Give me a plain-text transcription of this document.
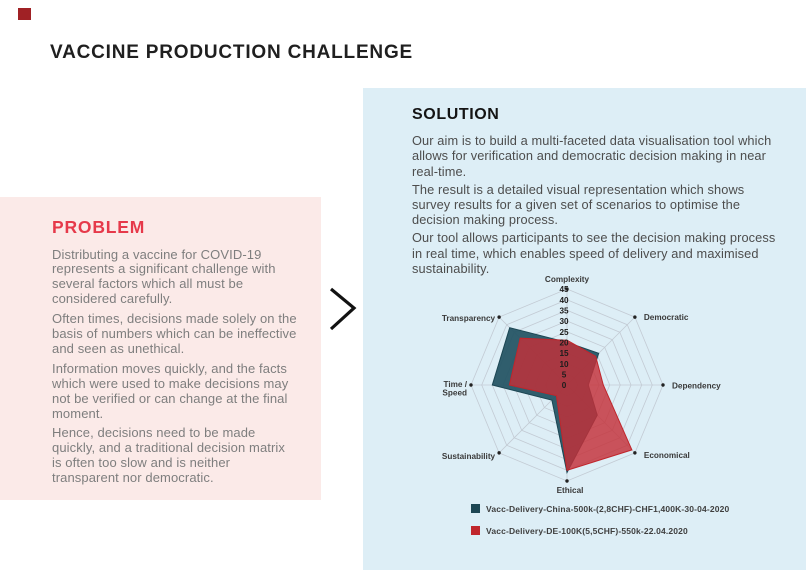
VACCINE PRODUCTION CHALLENGE
PROBLEM

Distributing a vaccine for COVID-19 represents a significant challenge with several factors which all must be considered carefully.

Often times, decisions made solely on the basis of numbers which can be ineffective and seen as unethical.

Information moves quickly, and the facts which were used to make decisions may not be verified or can change at the final moment.

Hence, decisions need to be made quickly, and a traditional decision matrix is often too slow and is neither transparent nor democratic.

SOLUTION

Our aim is to build a multi-faceted data visualisation tool which allows for verification and democratic decision making in near real-time.

The result is a detailed visual representation which shows survey results for a given set of scenarios to optimise the decision making process.

Our tool allows participants to see the decision making process in real time, which enables speed of delivery and maximised sustainability.

0
5
10
15
20
25
30
35
40
45
Complexity
Democratic
Dependency
Economical
Ethical
Sustainability
Time / Speed
Transparency
Vacc-Delivery-China-500k-(2,8CHF)-CHF1,400K-30-04-2020
Vacc-Delivery-DE-100K(5,5CHF)-550k-22.04.2020
